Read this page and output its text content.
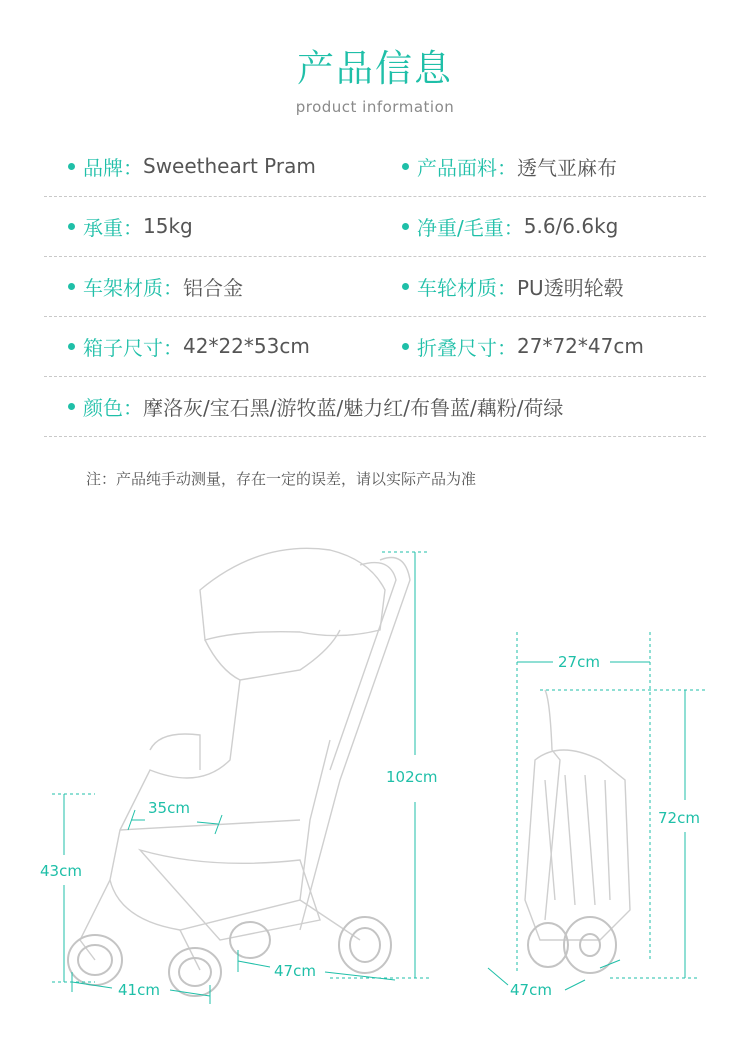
产品信息
product information
品牌： Sweetheart Pram	产品面料： 透气亚麻布
承重： 15kg	净重/毛重： 5.6/6.6kg
车架材质： 铝合金	车轮材质： PU透明轮毂
箱子尺寸： 42*22*53cm	折叠尺寸： 27*72*47cm
颜色： 摩洛灰/宝石黑/游牧蓝/魅力红/布鲁蓝/藕粉/荷绿
注：产品纯手动测量，存在一定的误差，请以实际产品为准
102cm
35cm
43cm
41cm
47cm
27cm
72cm
47cm
